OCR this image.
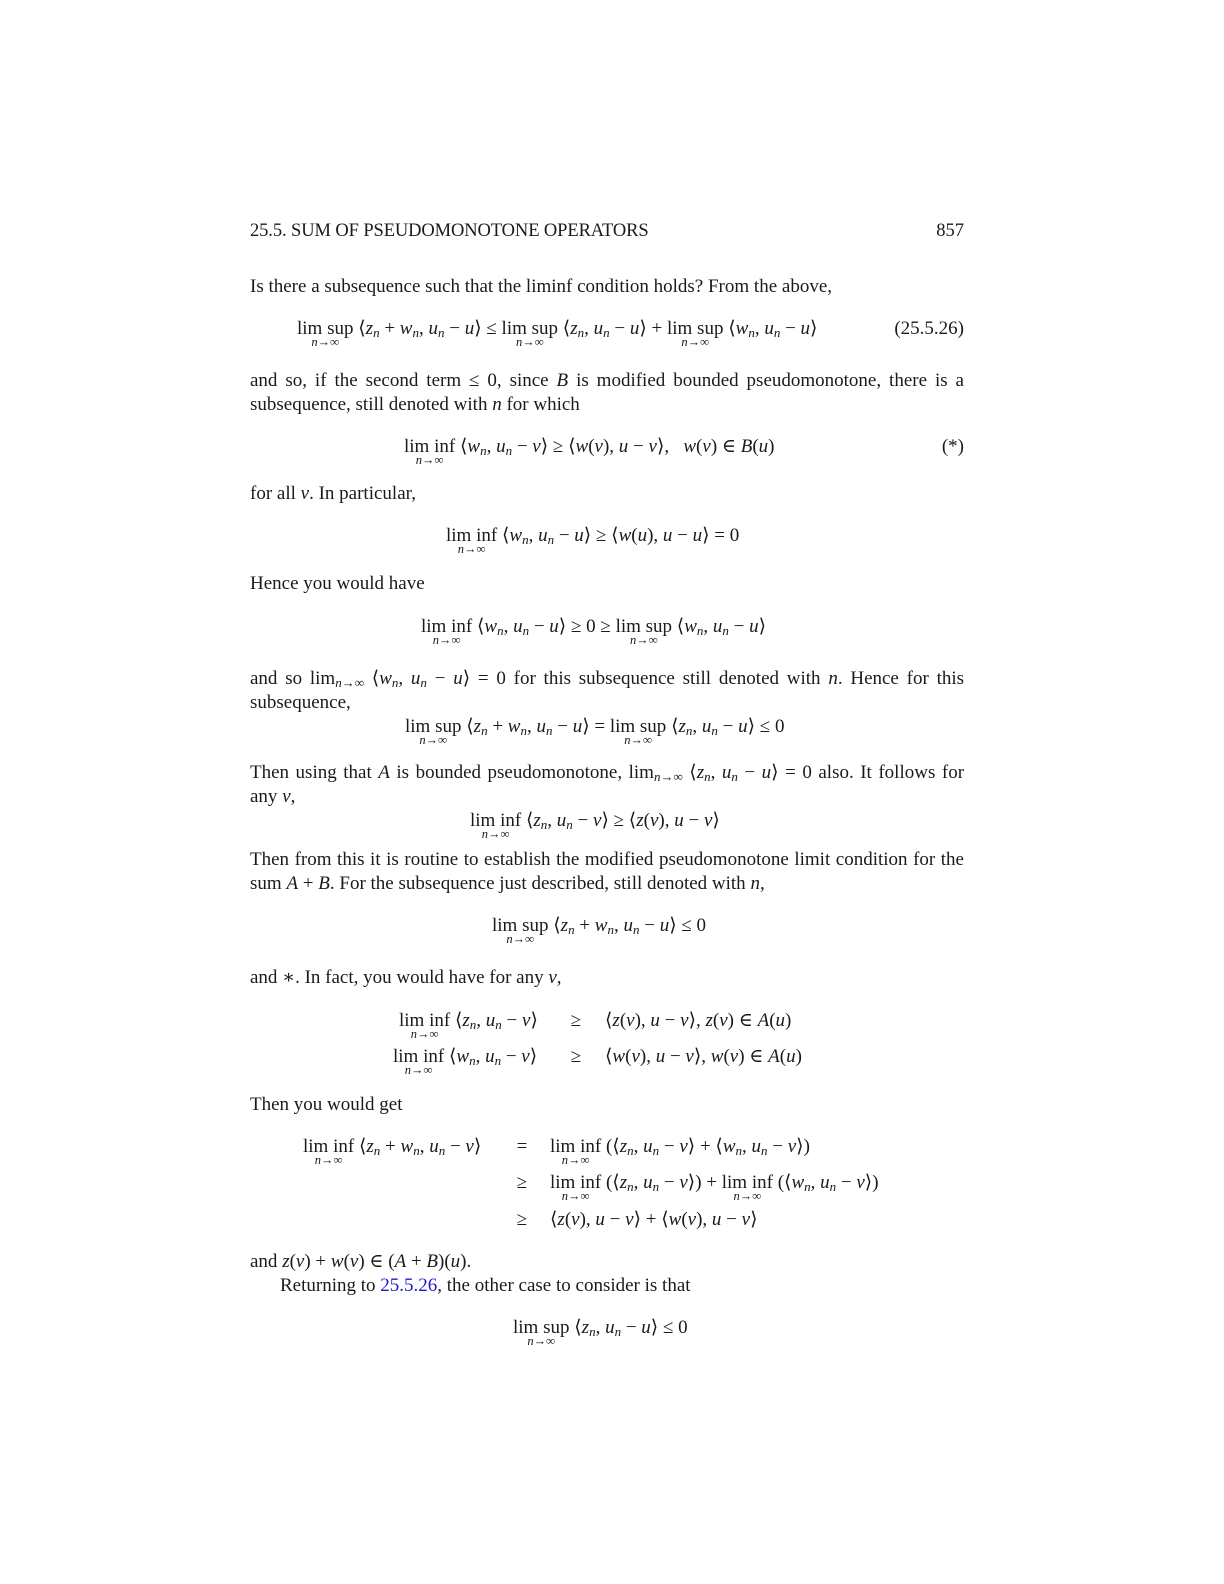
25.5. SUM OF PSEUDOMONOTONE OPERATORS	857
Is there a subsequence such that the liminf condition holds? From the above,
lim sup
n→∞
$⟨z_n + w_n$, $u_n$ − u⟩ ≤ lim sup
n→∞
$⟨z_n$, $u_n$ − u⟩ + lim sup
n→∞
$⟨w_n$, $u_n$ − u⟩	(25.5.26)
and so, if the second term ≤ 0, since B is modified bounded pseudomonotone, there is a subsequence, still denoted with n for which
lim inf
n→∞
$⟨w_n$, $u_n$ − v⟩ ≥ ⟨w(v), u − v⟩,   w(v) ∈ B(u)	(*)
for all v. In particular,
lim inf
n→∞
$⟨w_n$, $u_n$ − u⟩ ≥ ⟨w(u), u − u⟩ = 0
Hence you would have
lim inf
n→∞
$⟨w_n$, $u_n$ − u⟩ ≥ 0 ≥ lim sup
n→∞
$⟨w_n$, $u_n$ − u⟩
and so $\lim_{n\to\infty}$ $⟨w_n$, $u_n$ − u⟩ = 0 for this subsequence still denoted with n. Hence for this subsequence,
lim sup
n→∞
$⟨z_n + w_n$, $u_n$ − u⟩ = lim sup
n→∞
$⟨z_n$, $u_n$ − u⟩ ≤ 0
Then using that A is bounded pseudomonotone, $\lim_{n\to\infty}$ $⟨z_n$, $u_n$ − u⟩ = 0 also. It follows for any v,
lim inf
n→∞
$⟨z_n$, $u_n$ − v⟩ ≥ ⟨z(v), u − v⟩
Then from this it is routine to establish the modified pseudomonotone limit condition for the sum A + B. For the subsequence just described, still denoted with n,
lim sup
n→∞
$⟨z_n + w_n$, $u_n$ − u⟩ ≤ 0
and ∗. In fact, you would have for any v,
lim inf
n→∞
$⟨z_n$, $u_n$ − v⟩	≥	⟨z(v), u − v⟩, z(v) ∈ A(u)
lim inf
n→∞
$⟨w_n$, $u_n$ − v⟩	≥	⟨w(v), u − v⟩, w(v) ∈ A(u)
Then you would get
lim inf
n→∞
$⟨z_n + w_n$, $u_n$ − v⟩	=	lim inf
n→∞
($⟨z_n$, $u_n$ − v⟩ + $⟨w_n$, $u_n$ − v⟩)
≥	lim inf
n→∞
($⟨z_n$, $u_n$ − v⟩) + lim inf
n→∞
($⟨w_n$, $u_n$ − v⟩)
≥	⟨z(v), u − v⟩ + ⟨w(v), u − v⟩
and z(v) + w(v) ∈ (A + B)(u).
Returning to 25.5.26, the other case to consider is that
lim sup
n→∞
$⟨z_n$, $u_n$ − u⟩ ≤ 0
